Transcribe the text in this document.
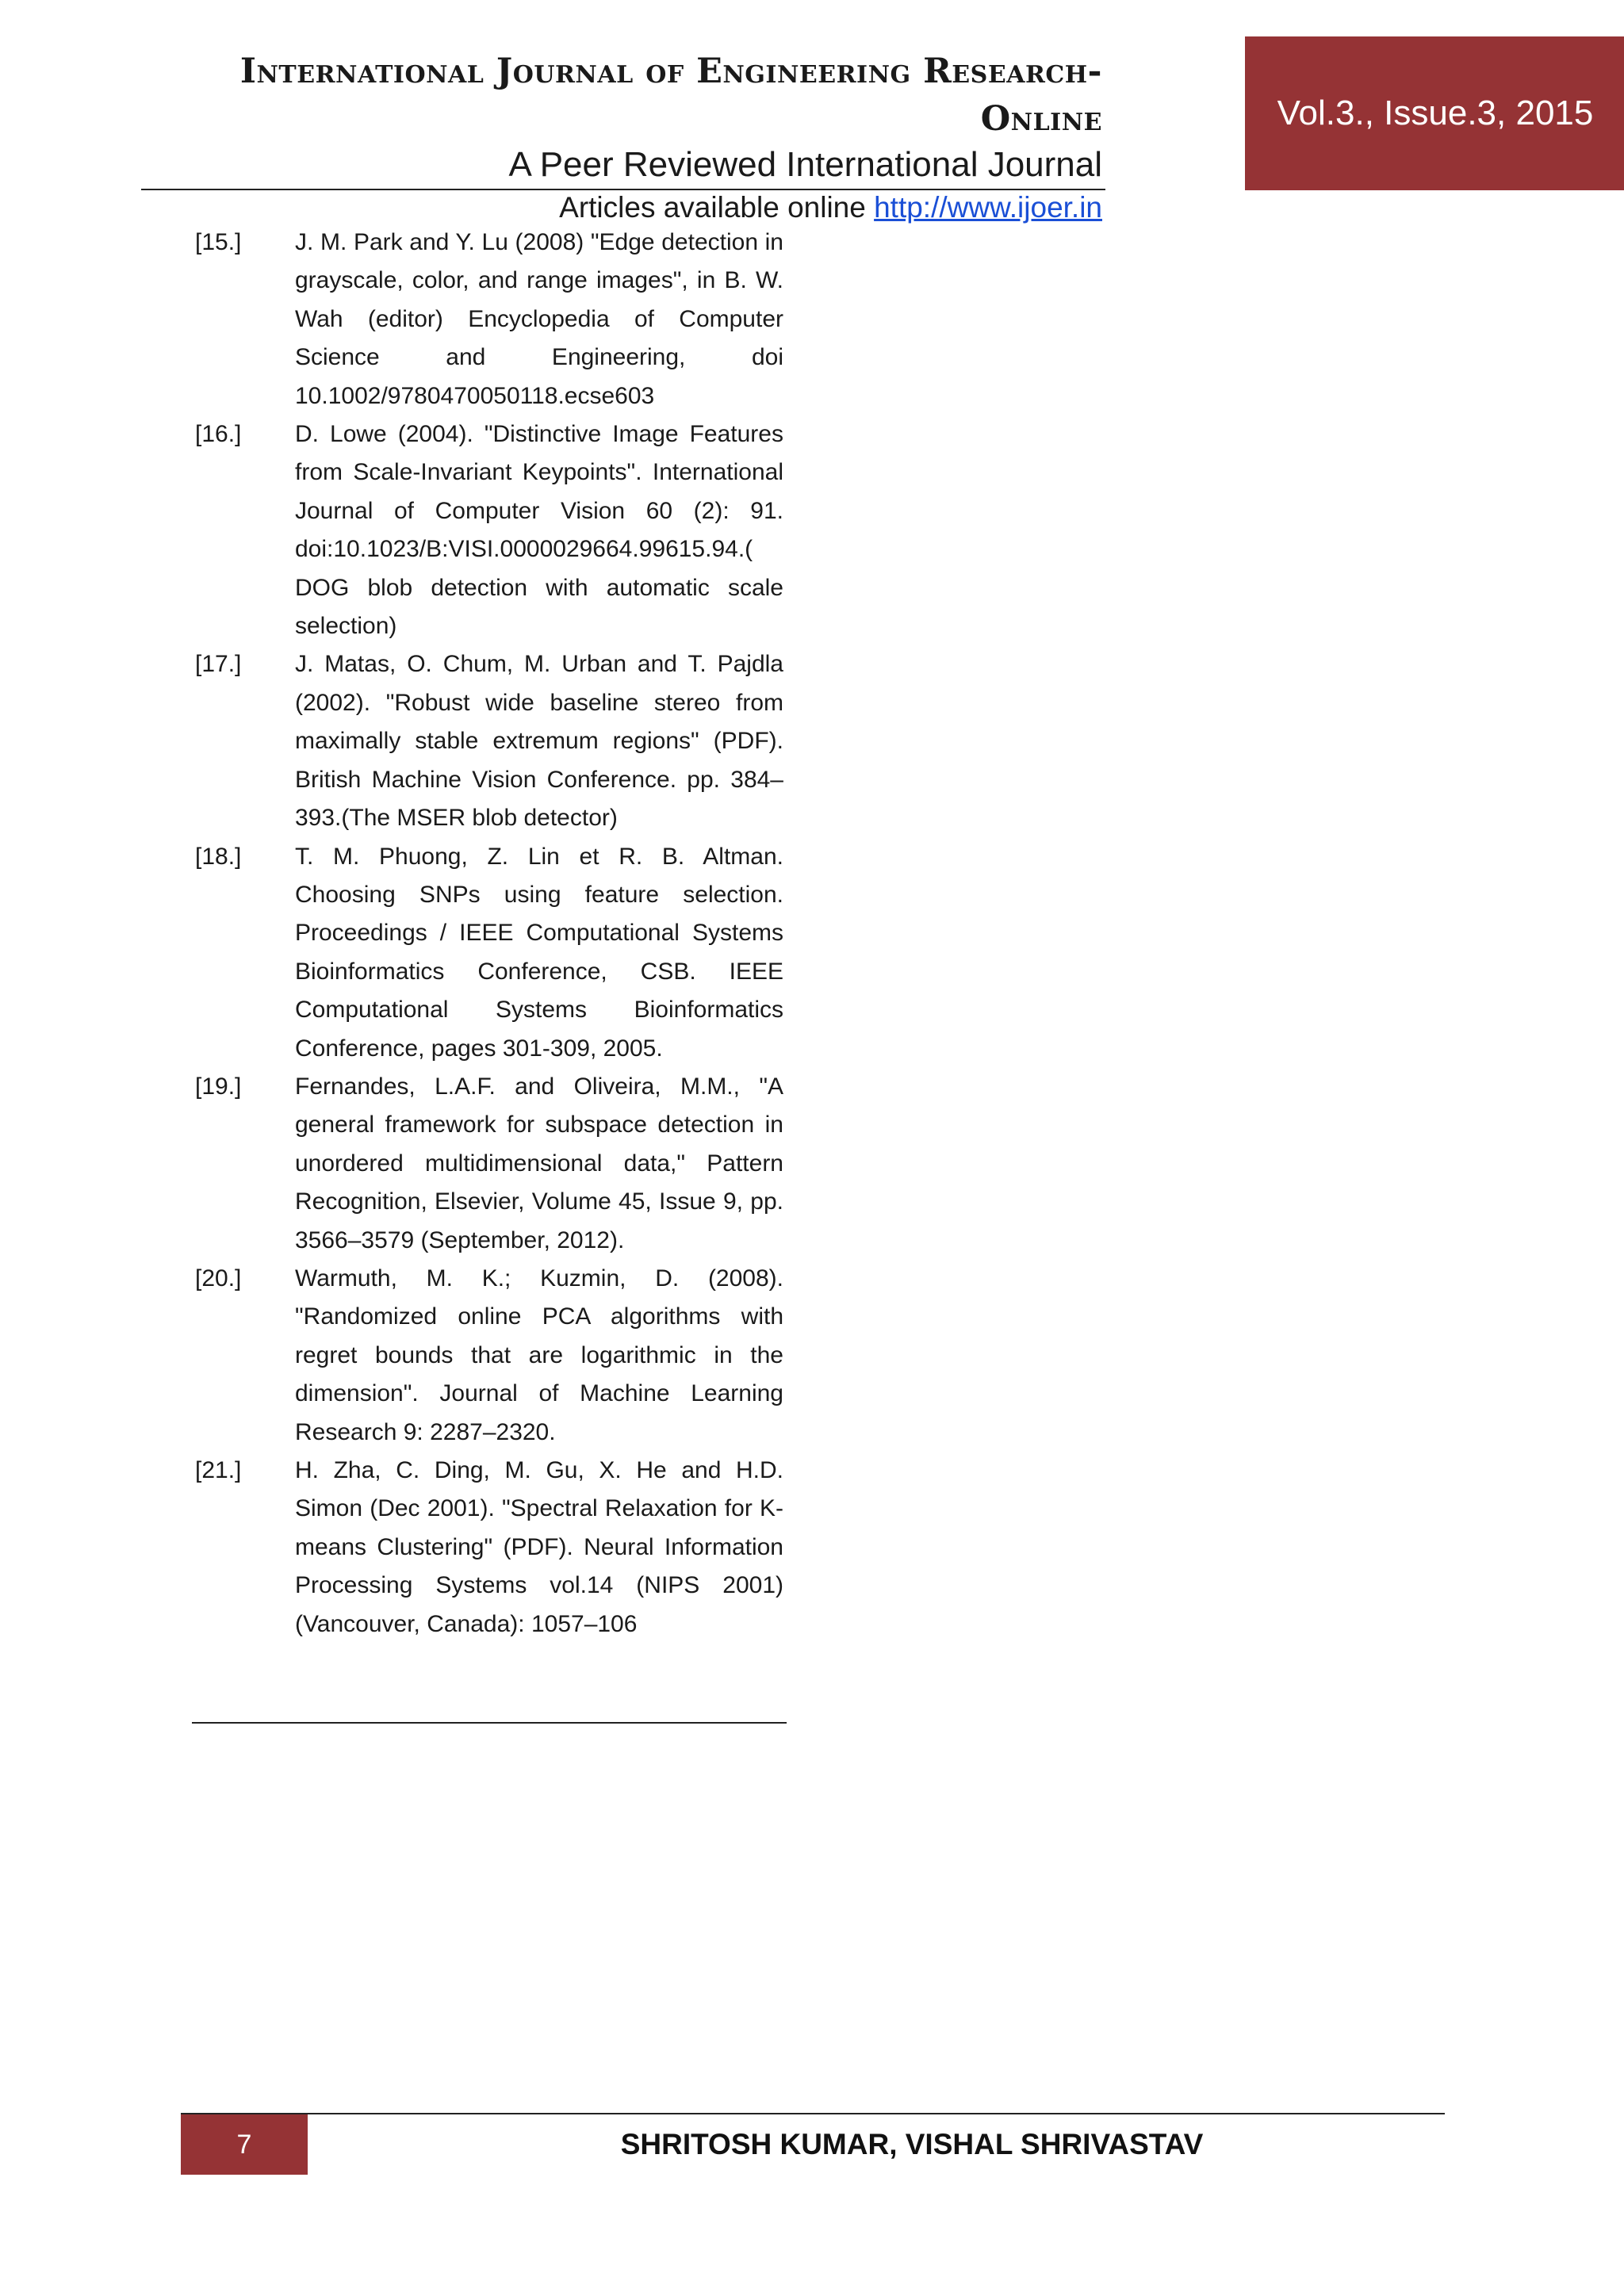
International Journal of Engineering Research-Online
A Peer Reviewed International Journal
Articles available online http://www.ijoer.in
Vol.3., Issue.3, 2015
[15.]	J. M. Park and Y. Lu (2008) "Edge detection in grayscale, color, and range images", in B. W. Wah (editor) Encyclopedia of Computer Science and Engineering, doi 10.1002/9780470050118.ecse603
[16.]	D. Lowe (2004). "Distinctive Image Features from Scale-Invariant Keypoints". International Journal of Computer Vision 60 (2): 91. doi:10.1023/B:VISI.0000029664.99615.94.( DOG blob detection with automatic scale selection)
[17.]	J. Matas, O. Chum, M. Urban and T. Pajdla (2002). "Robust wide baseline stereo from maximally stable extremum regions" (PDF). British Machine Vision Conference. pp. 384–393.(The MSER blob detector)
[18.]	T. M. Phuong, Z. Lin et R. B. Altman. Choosing SNPs using feature selection. Proceedings / IEEE Computational Systems Bioinformatics Conference, CSB. IEEE Computational Systems Bioinformatics Conference, pages 301-309, 2005.
[19.]	Fernandes, L.A.F. and Oliveira, M.M., "A general framework for subspace detection in unordered multidimensional data," Pattern Recognition, Elsevier, Volume 45, Issue 9, pp. 3566–3579 (September, 2012).
[20.]	Warmuth, M. K.; Kuzmin, D. (2008). "Randomized online PCA algorithms with regret bounds that are logarithmic in the dimension". Journal of Machine Learning Research 9: 2287–2320.
[21.]	H. Zha, C. Ding, M. Gu, X. He and H.D. Simon (Dec 2001). "Spectral Relaxation for K-means Clustering" (PDF). Neural Information Processing Systems vol.14 (NIPS 2001) (Vancouver, Canada): 1057–106
7	SHRITOSH KUMAR, VISHAL SHRIVASTAV
